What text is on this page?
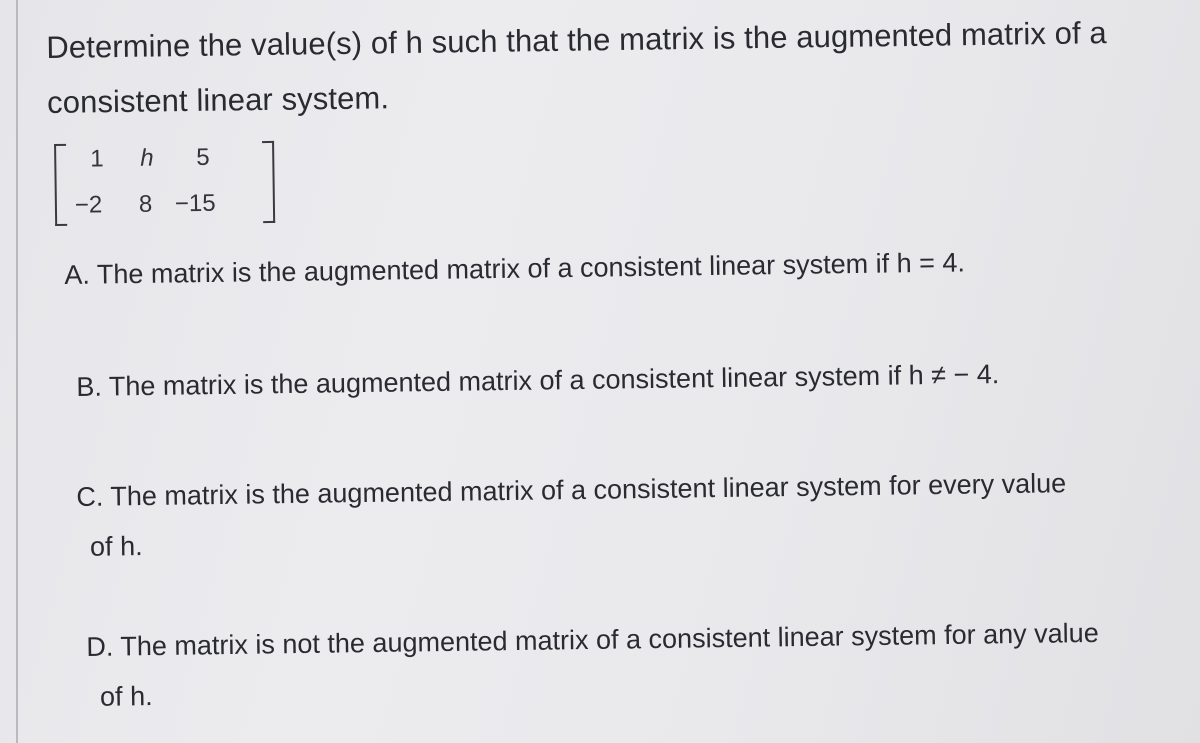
Determine the value(s) of h such that the matrix is the augmented matrix of a
consistent linear system.
1 h 5
−2 8 −15
A. The matrix is the augmented matrix of a consistent linear system if h = 4.
B. The matrix is the augmented matrix of a consistent linear system if h ≠ − 4.
C. The matrix is the augmented matrix of a consistent linear system for every value
of h.
D. The matrix is not the augmented matrix of a consistent linear system for any value
of h.
